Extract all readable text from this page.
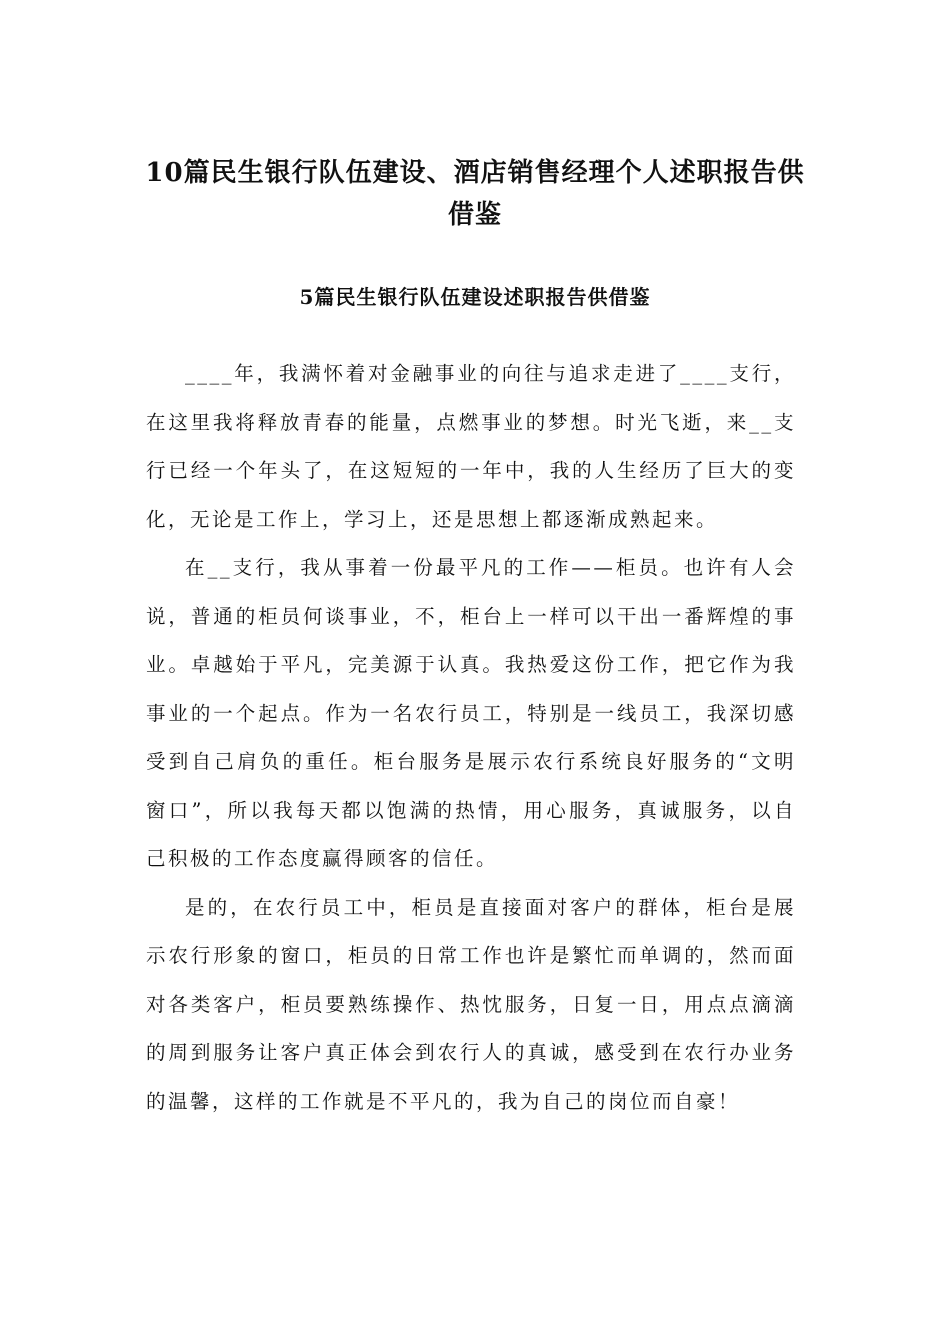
10篇民生银行队伍建设、酒店销售经理个人述职报告供借鉴
5篇民生银行队伍建设述职报告供借鉴

____年，我满怀着对金融事业的向往与追求走进了____支行，在这里我将释放青春的能量，点燃事业的梦想。时光飞逝，来__支行已经一个年头了，在这短短的一年中，我的人生经历了巨大的变化，无论是工作上，学习上，还是思想上都逐渐成熟起来。

在__支行，我从事着一份最平凡的工作——柜员。也许有人会说，普通的柜员何谈事业，不，柜台上一样可以干出一番辉煌的事业。卓越始于平凡，完美源于认真。我热爱这份工作，把它作为我事业的一个起点。作为一名农行员工，特别是一线员工，我深切感受到自己肩负的重任。柜台服务是展示农行系统良好服务的“文明窗口”，所以我每天都以饱满的热情，用心服务，真诚服务，以自己积极的工作态度赢得顾客的信任。

是的，在农行员工中，柜员是直接面对客户的群体，柜台是展示农行形象的窗口，柜员的日常工作也许是繁忙而单调的，然而面对各类客户，柜员要熟练操作、热忱服务，日复一日，用点点滴滴的周到服务让客户真正体会到农行人的真诚，感受到在农行办业务的温馨，这样的工作就是不平凡的，我为自己的岗位而自豪！
